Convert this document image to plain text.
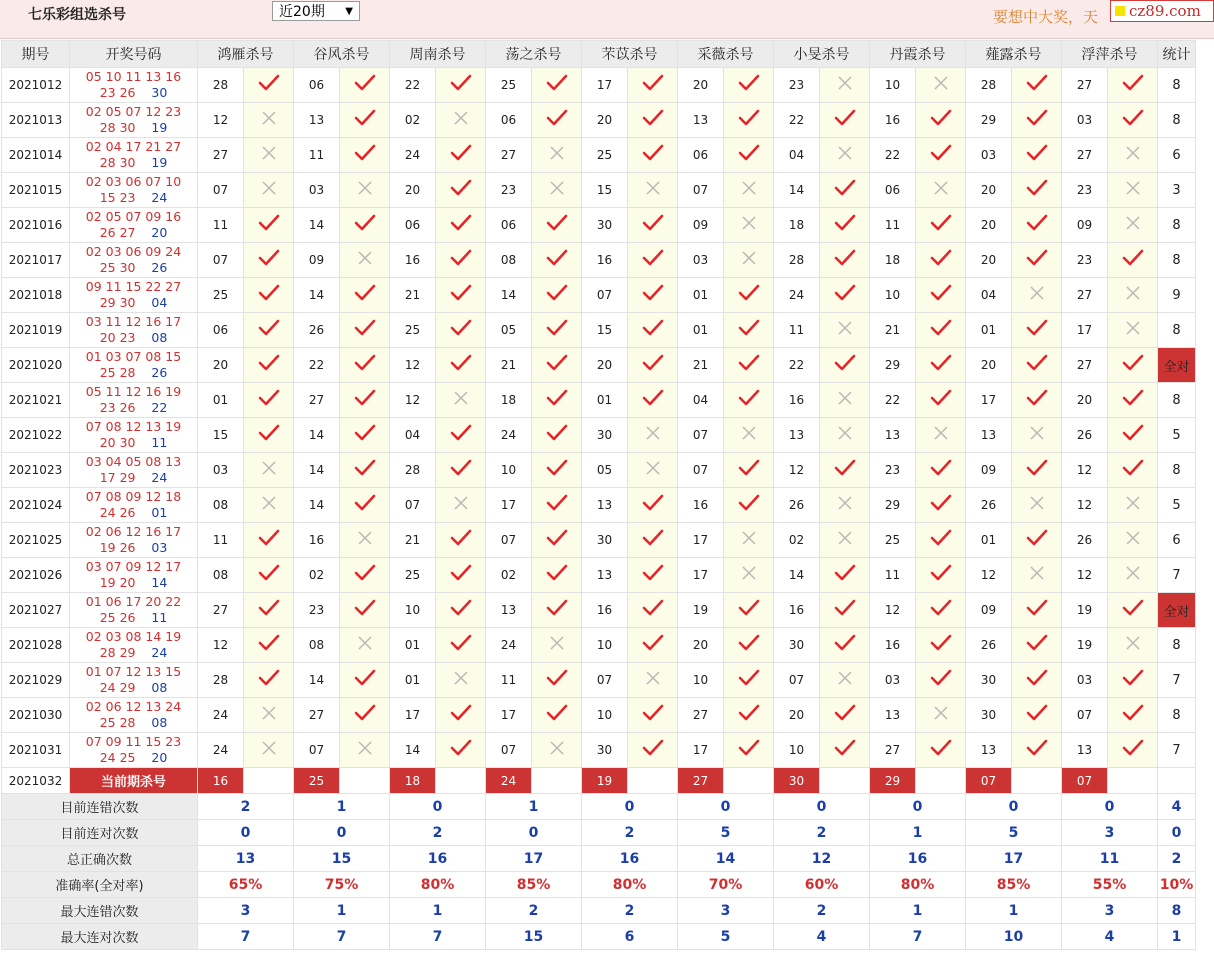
七乐彩组选杀号	近20期 ▼	要想中大奖，天	cz89.com
期号	开奖号码	鸿雁杀号		谷风杀号		周南杀号		荡之杀号		芣苡杀号		采薇杀号		小旻杀号		丹霞杀号		薤露杀号		浮萍杀号		统计
2021012	05 10 11 13 16
23 26 30	28		06		22		25		17		20		23		10		28		27		8
2021013	02 05 07 12 23
28 30 19	12		13		02		06		20		13		22		16		29		03		8
2021014	02 04 17 21 27
28 30 19	27		11		24		27		25		06		04		22		03		27		6
2021015	02 03 06 07 10
15 23 24	07		03		20		23		15		07		14		06		20		23		3
2021016	02 05 07 09 16
26 27 20	11		14		06		06		30		09		18		11		20		09		8
2021017	02 03 06 09 24
25 30 26	07		09		16		08		16		03		28		18		20		23		8
2021018	09 11 15 22 27
29 30 04	25		14		21		14		07		01		24		10		04		27		9
2021019	03 11 12 16 17
20 23 08	06		26		25		05		15		01		11		21		01		17		8
2021020	01 03 07 08 15
25 28 26	20		22		12		21		20		21		22		29		20		27		全对
2021021	05 11 12 16 19
23 26 22	01		27		12		18		01		04		16		22		17		20		8
2021022	07 08 12 13 19
20 30 11	15		14		04		24		30		07		13		13		13		26		5
2021023	03 04 05 08 13
17 29 24	03		14		28		10		05		07		12		23		09		12		8
2021024	07 08 09 12 18
24 26 01	08		14		07		17		13		16		26		29		26		12		5
2021025	02 06 12 16 17
19 26 03	11		16		21		07		30		17		02		25		01		26		6
2021026	03 07 09 12 17
19 20 14	08		02		25		02		13		17		14		11		12		12		7
2021027	01 06 17 20 22
25 26 11	27		23		10		13		16		19		16		12		09		19		全对
2021028	02 03 08 14 19
28 29 24	12		08		01		24		10		20		30		16		26		19		8
2021029	01 07 12 13 15
24 29 08	28		14		01		11		07		10		07		03		30		03		7
2021030	02 06 12 13 24
25 28 08	24		27		17		17		10		27		20		13		30		07		8
2021031	07 09 11 15 23
24 25 20	24		07		14		07		30		17		10		27		13		13		7
2021032	当前期杀号	16		25		18		24		19		27		30		29		07		07		
目前连错次数		2		1		0		1		0		0		0		0		0		0		4
目前连对次数		0		0		2		0		2		5		2		1		5		3		0
总正确次数		13		15		16		17		16		14		12		16		17		11		2
准确率(全对率)		65%		75%		80%		85%		80%		70%		60%		80%		85%		55%		10%
最大连错次数		3		1		1		2		2		3		2		1		1		3		8
最大连对次数		7		7		7		15		6		5		4		7		10		4		1
